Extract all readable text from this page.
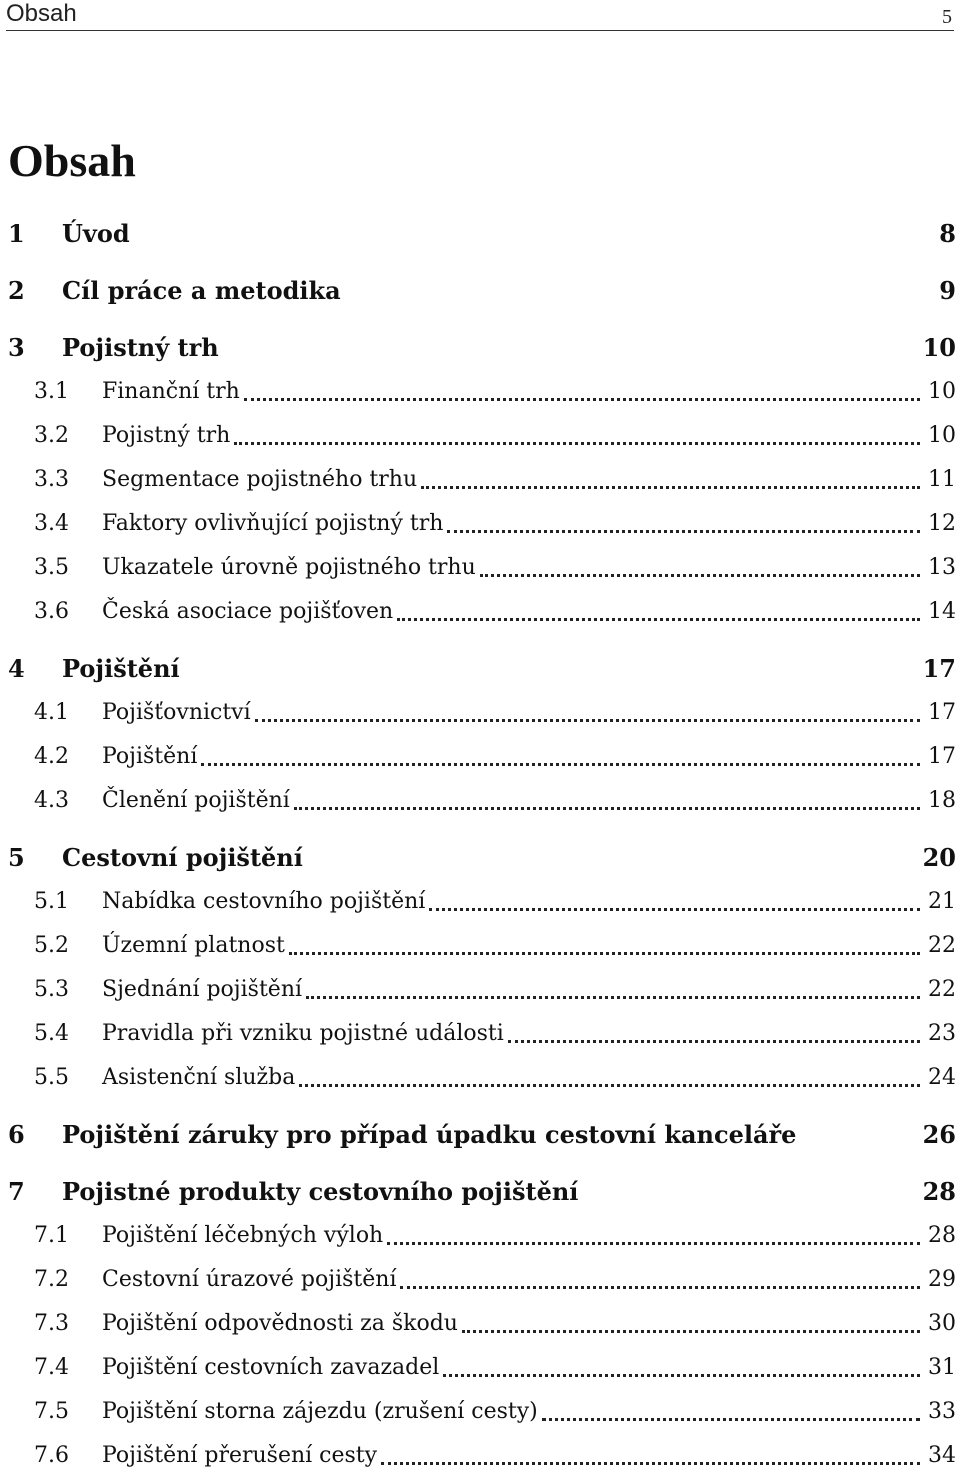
Obsah	5
Obsah
1 Úvod	8
2 Cíl práce a metodika	9
3 Pojistný trh	10
3.1 Finanční trh	10
3.2 Pojistný trh	10
3.3 Segmentace pojistného trhu	11
3.4 Faktory ovlivňující pojistný trh	12
3.5 Ukazatele úrovně pojistného trhu	13
3.6 Česká asociace pojišťoven	14
4 Pojištění	17
4.1 Pojišťovnictví	17
4.2 Pojištění	17
4.3 Členění pojištění	18
5 Cestovní pojištění	20
5.1 Nabídka cestovního pojištění	21
5.2 Územní platnost	22
5.3 Sjednání pojištění	22
5.4 Pravidla při vzniku pojistné události	23
5.5 Asistenční služba	24
6 Pojištění záruky pro případ úpadku cestovní kanceláře	26
7 Pojistné produkty cestovního pojištění	28
7.1 Pojištění léčebných výloh	28
7.2 Cestovní úrazové pojištění	29
7.3 Pojištění odpovědnosti za škodu	30
7.4 Pojištění cestovních zavazadel	31
7.5 Pojištění storna zájezdu (zrušení cesty)	33
7.6 Pojištění přerušení cesty	34
